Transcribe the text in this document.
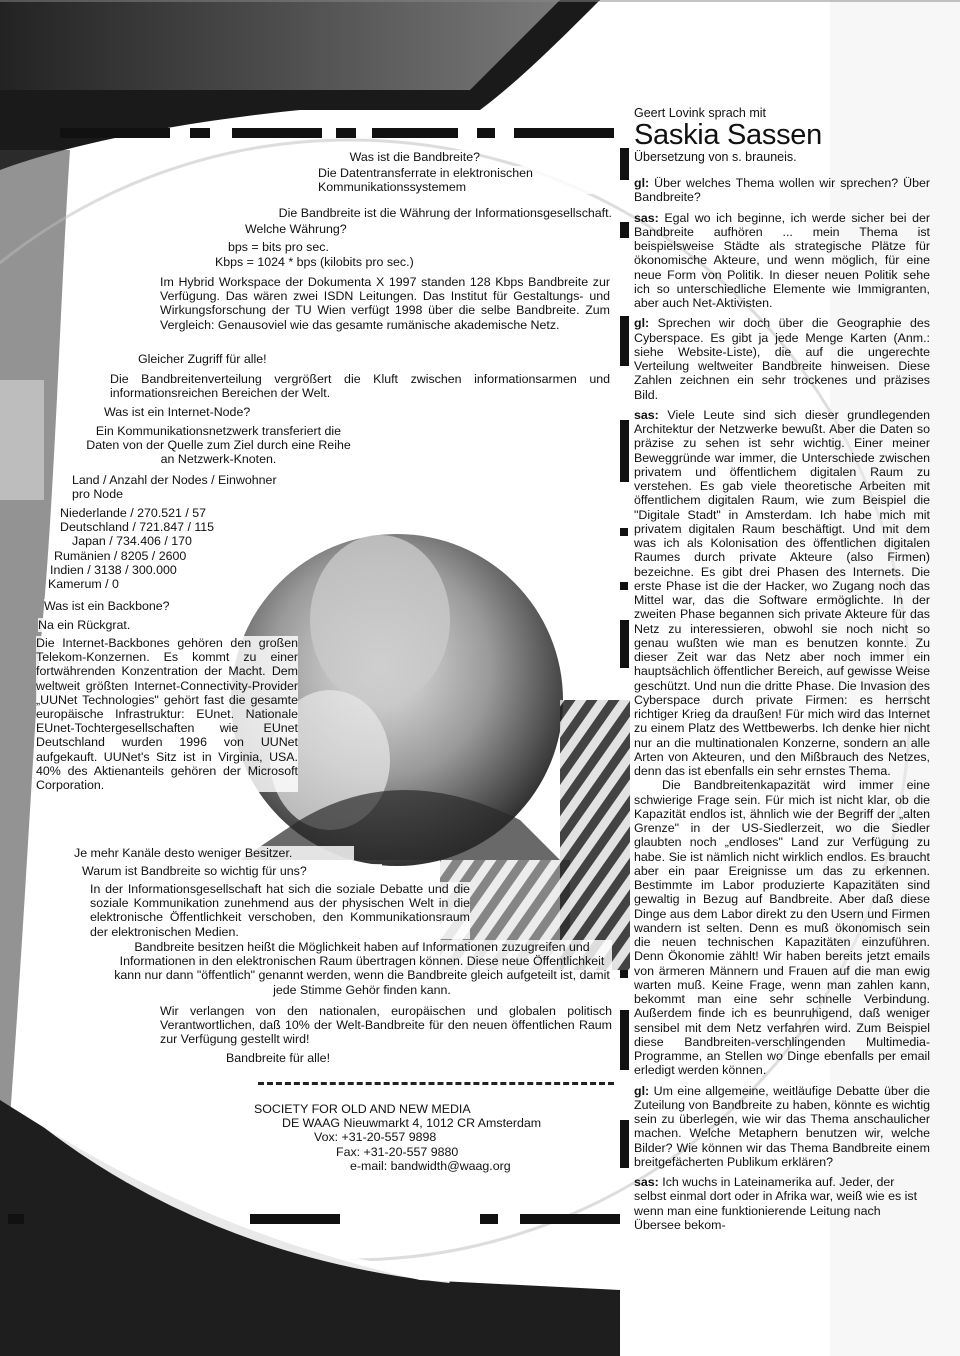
Geert Lovink sprach mit
Saskia Sassen
Übersetzung von s. brauneis.
Was ist die Bandbreite?
Die Datentransferrate in elektronischen Kommunikationssystemem
Die Bandbreite ist die Währung der Informationsgesellschaft.
Welche Währung?
bps = bits pro sec.
Kbps = 1024 * bps (kilobits pro sec.)
Im Hybrid Workspace der Dokumenta X 1997 standen 128 Kbps Bandbreite zur Verfügung. Das wären zwei ISDN Leitungen. Das Institut für Gestaltungs- und Wirkungsforschung der TU Wien verfügt 1998 über die selbe Bandbreite. Zum Vergleich: Genausoviel wie das gesamte rumänische akademische Netz.
Gleicher Zugriff für alle!
Die Bandbreitenverteilung vergrößert die Kluft zwischen informationsarmen und informationsreichen Bereichen der Welt.
Was ist ein Internet-Node?
Ein Kommunikationsnetzwerk transferiert die Daten von der Quelle zum Ziel durch eine Reihe an Netzwerk-Knoten.
Land / Anzahl der Nodes / Einwohner pro Node

Niederlande / 270.521 / 57

Deutschland / 721.847 / 115

Japan / 734.406 / 170

Rumänien / 8205 / 2600

Indien / 3138 / 300.000

Kamerum / 0

Was ist ein Backbone?
Na ein Rückgrat.
Die Internet-Backbones gehören den großen Telekom-Konzernen. Es kommt zu einer fortwährenden Konzentration der Macht. Dem weltweit größten Internet-Connectivity-Provider „UUNet Technologies" gehört fast die gesamte europäische Infrastruktur: EUnet. Nationale EUnet-Tochtergesellschaften wie EUnet Deutschland wurden 1996 von UUNet aufgekauft. UUNet's Sitz ist in Virginia, USA. 40% des Aktienanteils gehören der Microsoft Corporation.
Je mehr Kanäle desto weniger Besitzer.
Warum ist Bandbreite so wichtig für uns?
In der Informationsgesellschaft hat sich die soziale Debatte und die soziale Kommunikation zunehmend aus der physischen Welt in die elektronische Öffentlichkeit verschoben, den Kommunikationsraum der elektronischen Medien.
Bandbreite besitzen heißt die Möglichkeit haben auf Informationen zuzugreifen und Informationen in den elektronischen Raum übertragen können. Diese neue Öffentlichkeit kann nur dann "öffentlich" genannt werden, wenn die Bandbreite gleich aufgeteilt ist, damit jede Stimme Gehör finden kann.
Wir verlangen von den nationalen, europäischen und globalen politisch Verantwortlichen, daß 10% der Welt-Bandbreite für den neuen öffentlichen Raum zur Verfügung gestellt wird!
Bandbreite für alle!
SOCIETY FOR OLD AND NEW MEDIA
DE WAAG Nieuwmarkt 4, 1012 CR Amsterdam
Vox: +31-20-557 9898
Fax: +31-20-557 9880
e-mail: bandwidth@waag.org

gl: Über welches Thema wollen wir sprechen? Über Bandbreite?

sas: Egal wo ich beginne, ich werde sicher bei der Bandbreite aufhören ... mein Thema ist beispielsweise Städte als strategische Plätze für ökonomische Akteure, und wenn möglich, für eine neue Form von Politik. In dieser neuen Politik sehe ich so unterschiedliche Elemente wie Immigranten, aber auch Net-Aktivisten.

gl: Sprechen wir doch über die Geographie des Cyberspace. Es gibt ja jede Menge Karten (Anm.: siehe Website-Liste), die auf die ungerechte Verteilung weltweiter Bandbreite hinweisen. Diese Zahlen zeichnen ein sehr trockenes und präzises Bild.

sas: Viele Leute sind sich dieser grundlegenden Architektur der Netzwerke bewußt. Aber die Daten so präzise zu sehen ist sehr wichtig. Einer meiner Beweggründe war immer, die Unterschiede zwischen privatem und öffentlichem digitalen Raum zu verstehen. Es gab viele theoretische Arbeiten mit öffentlichem digitalen Raum, wie zum Beispiel die "Digitale Stadt" in Amsterdam. Ich habe mich mit privatem digitalen Raum beschäftigt. Und mit dem was ich als Kolonisation des öffentlichen digitalen Raumes durch private Akteure (also Firmen) bezeichne. Es gibt drei Phasen des Internets. Die erste Phase ist die der Hacker, wo Zugang noch das Mittel war, das die Software ermöglichte. In der zweiten Phase begannen sich private Akteure für das Netz zu interessieren, obwohl sie noch nicht so genau wußten wie man es benutzen konnte. Zu dieser Zeit war das Netz aber noch immer ein hauptsächlich öffentlicher Bereich, auf gewisse Weise geschützt. Und nun die dritte Phase. Die Invasion des Cyberspace durch private Firmen: es herrscht richtiger Krieg da draußen! Für mich wird das Internet zu einem Platz des Wettbewerbs. Ich denke hier nicht nur an die multinationalen Konzerne, sondern an alle Arten von Akteuren, und den Mißbrauch des Netzes, denn das ist ebenfalls ein sehr ernstes Thema.

Die Bandbreitenkapazität wird immer eine schwierige Frage sein. Für mich ist nicht klar, ob die Kapazität endlos ist, ähnlich wie der Begriff der „alten Grenze" in der US-Siedlerzeit, wo die Siedler glaubten noch „endloses" Land zur Verfügung zu habe. Sie ist nämlich nicht wirklich endlos. Es braucht aber ein paar Ereignisse um das zu erkennen. Bestimmte im Labor produzierte Kapazitäten sind gewaltig in Bezug auf Bandbreite. Aber daß diese Dinge aus dem Labor direkt zu den Usern und Firmen wandern ist selten. Denn es muß ökonomisch sein die neuen technischen Kapazitäten einzuführen. Denn Ökonomie zählt! Wir haben bereits jetzt emails von ärmeren Männern und Frauen auf die man ewig warten muß. Keine Frage, wenn man zahlen kann, bekommt man eine sehr schnelle Verbindung. Außerdem finde ich es beunruhigend, daß weniger sensibel mit dem Netz verfahren wird. Zum Beispiel diese Bandbreiten-verschlingenden Multimedia-Programme, an Stellen wo Dinge ebenfalls per email erledigt werden können.

gl: Um eine allgemeine, weitläufige Debatte über die Zuteilung von Bandbreite zu haben, könnte es wichtig sein zu überlegen, wie wir das Thema anschaulicher machen. Welche Metaphern benutzen wir, welche Bilder? Wie können wir das Thema Bandbreite einem breitgefächerten Publikum erklären?

sas: Ich wuchs in Lateinamerika auf. Jeder, der selbst einmal dort oder in Afrika war, weiß wie es ist wenn man eine funktionierende Leitung nach Übersee bekom-
